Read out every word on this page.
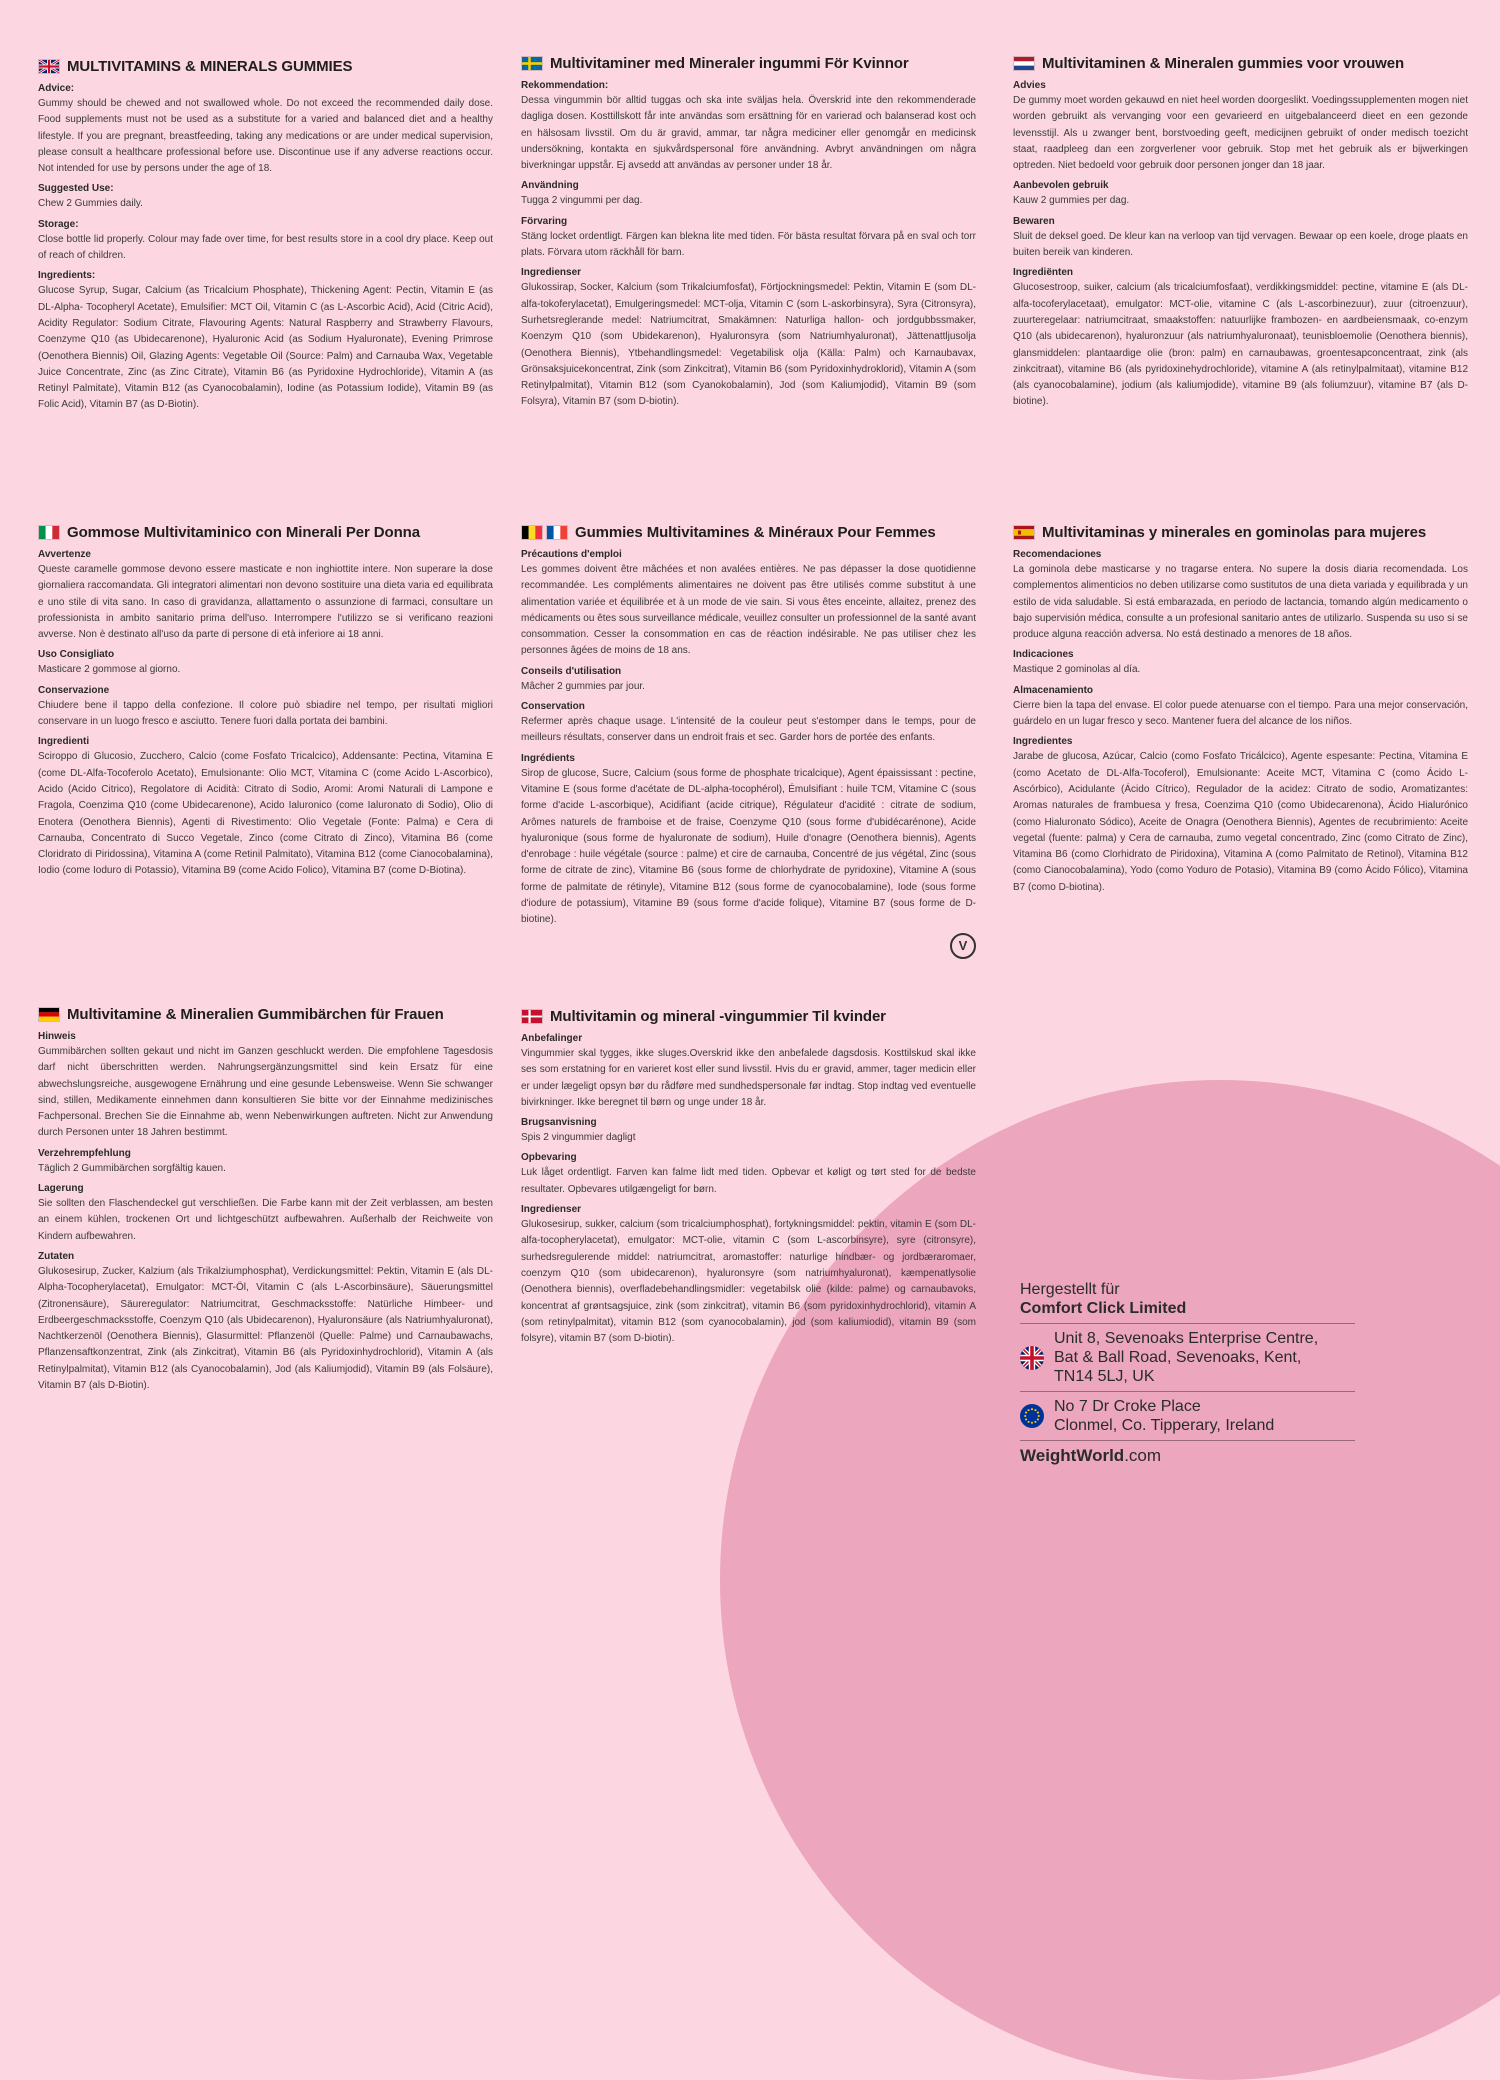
MULTIVITAMINS & MINERALS GUMMIES
Advice:

Gummy should be chewed and not swallowed whole. Do not exceed the recommended daily dose. Food supplements must not be used as a substitute for a varied and balanced diet and a healthy lifestyle. If you are pregnant, breastfeeding, taking any medications or are under medical supervision, please consult a healthcare professional before use. Discontinue use if any adverse reactions occur. Not intended for use by persons under the age of 18.

Suggested Use:

Chew 2 Gummies daily.

Storage:

Close bottle lid properly. Colour may fade over time, for best results store in a cool dry place. Keep out of reach of children.

Ingredients:

Glucose Syrup, Sugar, Calcium (as Tricalcium Phosphate), Thickening Agent: Pectin, Vitamin E (as DL-Alpha- Tocopheryl Acetate), Emulsifier: MCT Oil, Vitamin C (as L-Ascorbic Acid), Acid (Citric Acid), Acidity Regulator: Sodium Citrate, Flavouring Agents: Natural Raspberry and Strawberry Flavours, Coenzyme Q10 (as Ubidecarenone), Hyaluronic Acid (as Sodium Hyaluronate), Evening Primrose (Oenothera Biennis) Oil, Glazing Agents: Vegetable Oil (Source: Palm) and Carnauba Wax, Vegetable Juice Concentrate, Zinc (as Zinc Citrate), Vitamin B6 (as Pyridoxine Hydrochloride), Vitamin A (as Retinyl Palmitate), Vitamin B12 (as Cyanocobalamin), Iodine (as Potassium Iodide), Vitamin B9 (as Folic Acid), Vitamin B7 (as D-Biotin).

Multivitaminer med Mineraler ingummi För Kvinnor
Rekommendation:

Dessa vingummin bör alltid tuggas och ska inte sväljas hela. Överskrid inte den rekommenderade dagliga dosen. Kosttillskott får inte användas som ersättning för en varierad och balanserad kost och en hälsosam livsstil. Om du är gravid, ammar, tar några mediciner eller genomgår en medicinsk undersökning, kontakta en sjukvårdspersonal före användning. Avbryt användningen om några biverkningar uppstår. Ej avsedd att användas av personer under 18 år.

Användning

Tugga 2 vingummi per dag.

Förvaring

Stäng locket ordentligt. Färgen kan blekna lite med tiden. För bästa resultat förvara på en sval och torr plats. Förvara utom räckhåll för barn.

Ingredienser

Glukossirap, Socker, Kalcium (som Trikalciumfosfat), Förtjockningsmedel: Pektin, Vitamin E (som DL-alfa-tokoferylacetat), Emulgeringsmedel: MCT-olja, Vitamin C (som L-askorbinsyra), Syra (Citronsyra), Surhetsreglerande medel: Natriumcitrat, Smakämnen: Naturliga hallon- och jordgubbssmaker, Koenzym Q10 (som Ubidekarenon), Hyaluronsyra (som Natriumhyaluronat), Jättenattljusolja (Oenothera Biennis), Ytbehandlingsmedel: Vegetabilisk olja (Källa: Palm) och Karnaubavax, Grönsaksjuicekoncentrat, Zink (som Zinkcitrat), Vitamin B6 (som Pyridoxinhydroklorid), Vitamin A (som Retinylpalmitat), Vitamin B12 (som Cyanokobalamin), Jod (som Kaliumjodid), Vitamin B9 (som Folsyra), Vitamin B7 (som D-biotin).

Multivitaminen & Mineralen gummies voor vrouwen
Advies

De gummy moet worden gekauwd en niet heel worden doorgeslikt. Voedingssupplementen mogen niet worden gebruikt als vervanging voor een gevarieerd en uitgebalanceerd dieet en een gezonde levensstijl. Als u zwanger bent, borstvoeding geeft, medicijnen gebruikt of onder medisch toezicht staat, raadpleeg dan een zorgverlener voor gebruik. Stop met het gebruik als er bijwerkingen optreden. Niet bedoeld voor gebruik door personen jonger dan 18 jaar.

Aanbevolen gebruik

Kauw 2 gummies per dag.

Bewaren

Sluit de deksel goed. De kleur kan na verloop van tijd vervagen. Bewaar op een koele, droge plaats en buiten bereik van kinderen.

Ingrediënten

Glucosestroop, suiker, calcium (als tricalciumfosfaat), verdikkingsmiddel: pectine, vitamine E (als DL-alfa-tocoferylacetaat), emulgator: MCT-olie, vitamine C (als L-ascorbinezuur), zuur (citroenzuur), zuurteregelaar: natriumcitraat, smaakstoffen: natuurlijke frambozen- en aardbeiensmaak, co-enzym Q10 (als ubidecarenon), hyaluronzuur (als natriumhyaluronaat), teunisbloemolie (Oenothera biennis), glansmiddelen: plantaardige olie (bron: palm) en carnaubawas, groentesapconcentraat, zink (als zinkcitraat), vitamine B6 (als pyridoxinehydrochloride), vitamine A (als retinylpalmitaat), vitamine B12 (als cyanocobalamine), jodium (als kaliumjodide), vitamine B9 (als foliumzuur), vitamine B7 (als D-biotine).

Gommose Multivitaminico con Minerali Per Donna
Avvertenze

Queste caramelle gommose devono essere masticate e non inghiottite intere. Non superare la dose giornaliera raccomandata. Gli integratori alimentari non devono sostituire una dieta varia ed equilibrata e uno stile di vita sano. In caso di gravidanza, allattamento o assunzione di farmaci, consultare un professionista in ambito sanitario prima dell'uso. Interrompere l'utilizzo se si verificano reazioni avverse. Non è destinato all'uso da parte di persone di età inferiore ai 18 anni.

Uso Consigliato

Masticare 2 gommose al giorno.

Conservazione

Chiudere bene il tappo della confezione. Il colore può sbiadire nel tempo, per risultati migliori conservare in un luogo fresco e asciutto. Tenere fuori dalla portata dei bambini.

Ingredienti

Sciroppo di Glucosio, Zucchero, Calcio (come Fosfato Tricalcico), Addensante: Pectina, Vitamina E (come DL-Alfa-Tocoferolo Acetato), Emulsionante: Olio MCT, Vitamina C (come Acido L-Ascorbico), Acido (Acido Citrico), Regolatore di Acidità: Citrato di Sodio, Aromi: Aromi Naturali di Lampone e Fragola, Coenzima Q10 (come Ubidecarenone), Acido Ialuronico (come Ialuronato di Sodio), Olio di Enotera (Oenothera Biennis), Agenti di Rivestimento: Olio Vegetale (Fonte: Palma) e Cera di Carnauba, Concentrato di Succo Vegetale, Zinco (come Citrato di Zinco), Vitamina B6 (come Cloridrato di Piridossina), Vitamina A (come Retinil Palmitato), Vitamina B12 (come Cianocobalamina), Iodio (come Ioduro di Potassio), Vitamina B9 (come Acido Folico), Vitamina B7 (come D-Biotina).

Gummies Multivitamines & Minéraux Pour Femmes
Précautions d'emploi

Les gommes doivent être mâchées et non avalées entières. Ne pas dépasser la dose quotidienne recommandée. Les compléments alimentaires ne doivent pas être utilisés comme substitut à une alimentation variée et équilibrée et à un mode de vie sain. Si vous êtes enceinte, allaitez, prenez des médicaments ou êtes sous surveillance médicale, veuillez consulter un professionnel de la santé avant consommation. Cesser la consommation en cas de réaction indésirable. Ne pas utiliser chez les personnes âgées de moins de 18 ans.

Conseils d'utilisation

Mâcher 2 gummies par jour.

Conservation

Refermer après chaque usage. L'intensité de la couleur peut s'estomper dans le temps, pour de meilleurs résultats, conserver dans un endroit frais et sec. Garder hors de portée des enfants.

Ingrédients

Sirop de glucose, Sucre, Calcium (sous forme de phosphate tricalcique), Agent épaississant : pectine, Vitamine E (sous forme d'acétate de DL-alpha-tocophérol), Émulsifiant : huile TCM, Vitamine C (sous forme d'acide L-ascorbique), Acidifiant (acide citrique), Régulateur d'acidité : citrate de sodium, Arômes naturels de framboise et de fraise, Coenzyme Q10 (sous forme d'ubidécarénone), Acide hyaluronique (sous forme de hyaluronate de sodium), Huile d'onagre (Oenothera biennis), Agents d'enrobage : huile végétale (source : palme) et cire de carnauba, Concentré de jus végétal, Zinc (sous forme de citrate de zinc), Vitamine B6 (sous forme de chlorhydrate de pyridoxine), Vitamine A (sous forme de palmitate de rétinyle), Vitamine B12 (sous forme de cyanocobalamine), Iode (sous forme d'iodure de potassium), Vitamine B9 (sous forme d'acide folique), Vitamine B7 (sous forme de D-biotine).

V
Multivitaminas y minerales en gominolas para mujeres
Recomendaciones

La gominola debe masticarse y no tragarse entera. No supere la dosis diaria recomendada. Los complementos alimenticios no deben utilizarse como sustitutos de una dieta variada y equilibrada y un estilo de vida saludable. Si está embarazada, en periodo de lactancia, tomando algún medicamento o bajo supervisión médica, consulte a un profesional sanitario antes de utilizarlo. Suspenda su uso si se produce alguna reacción adversa. No está destinado a menores de 18 años.

Indicaciones

Mastique 2 gominolas al día.

Almacenamiento

Cierre bien la tapa del envase. El color puede atenuarse con el tiempo. Para una mejor conservación, guárdelo en un lugar fresco y seco. Mantener fuera del alcance de los niños.

Ingredientes

Jarabe de glucosa, Azúcar, Calcio (como Fosfato Tricálcico), Agente espesante: Pectina, Vitamina E (como Acetato de DL-Alfa-Tocoferol), Emulsionante: Aceite MCT, Vitamina C (como Ácido L-Ascórbico), Acidulante (Ácido Cítrico), Regulador de la acidez: Citrato de sodio, Aromatizantes: Aromas naturales de frambuesa y fresa, Coenzima Q10 (como Ubidecarenona), Ácido Hialurónico (como Hialuronato Sódico), Aceite de Onagra (Oenothera Biennis), Agentes de recubrimiento: Aceite vegetal (fuente: palma) y Cera de carnauba, zumo vegetal concentrado, Zinc (como Citrato de Zinc), Vitamina B6 (como Clorhidrato de Piridoxina), Vitamina A (como Palmitato de Retinol), Vitamina B12 (como Cianocobalamina), Yodo (como Yoduro de Potasio), Vitamina B9 (como Ácido Fólico), Vitamina B7 (como D-biotina).

Multivitamine & Mineralien Gummibärchen für Frauen
Hinweis

Gummibärchen sollten gekaut und nicht im Ganzen geschluckt werden. Die empfohlene Tagesdosis darf nicht überschritten werden. Nahrungsergänzungsmittel sind kein Ersatz für eine abwechslungsreiche, ausgewogene Ernährung und eine gesunde Lebensweise. Wenn Sie schwanger sind, stillen, Medikamente einnehmen dann konsultieren Sie bitte vor der Einnahme medizinisches Fachpersonal. Brechen Sie die Einnahme ab, wenn Nebenwirkungen auftreten. Nicht zur Anwendung durch Personen unter 18 Jahren bestimmt.

Verzehrempfehlung

Täglich 2 Gummibärchen sorgfältig kauen.

Lagerung

Sie sollten den Flaschendeckel gut verschließen. Die Farbe kann mit der Zeit verblassen, am besten an einem kühlen, trockenen Ort und lichtgeschützt aufbewahren. Außerhalb der Reichweite von Kindern aufbewahren.

Zutaten

Glukosesirup, Zucker, Kalzium (als Trikalziumphosphat), Verdickungsmittel: Pektin, Vitamin E (als DL-Alpha-Tocopherylacetat), Emulgator: MCT-Öl, Vitamin C (als L-Ascorbinsäure), Säuerungsmittel (Zitronensäure), Säureregulator: Natriumcitrat, Geschmacksstoffe: Natürliche Himbeer- und Erdbeergeschmacksstoffe, Coenzym Q10 (als Ubidecarenon), Hyaluronsäure (als Natriumhyaluronat), Nachtkerzenöl (Oenothera Biennis), Glasurmittel: Pflanzenöl (Quelle: Palme) und Carnaubawachs, Pflanzensaftkonzentrat, Zink (als Zinkcitrat), Vitamin B6 (als Pyridoxinhydrochlorid), Vitamin A (als Retinylpalmitat), Vitamin B12 (als Cyanocobalamin), Jod (als Kaliumjodid), Vitamin B9 (als Folsäure), Vitamin B7 (als D-Biotin).

Multivitamin og mineral -vingummier Til kvinder
Anbefalinger

Vingummier skal tygges, ikke sluges.Overskrid ikke den anbefalede dagsdosis. Kosttilskud skal ikke ses som erstatning for en varieret kost eller sund livsstil. Hvis du er gravid, ammer, tager medicin eller er under lægeligt opsyn bør du rådføre med sundhedspersonale før indtag. Stop indtag ved eventuelle bivirkninger. Ikke beregnet til børn og unge under 18 år.

Brugsanvisning

Spis 2 vingummier dagligt

Opbevaring

Luk låget ordentligt. Farven kan falme lidt med tiden. Opbevar et køligt og tørt sted for de bedste resultater. Opbevares utilgængeligt for børn.

Ingredienser

Glukosesirup, sukker, calcium (som tricalciumphosphat), fortykningsmiddel: pektin, vitamin E (som DL-alfa-tocopherylacetat), emulgator: MCT-olie, vitamin C (som L-ascorbinsyre), syre (citronsyre), surhedsregulerende middel: natriumcitrat, aromastoffer: naturlige hindbær- og jordbæraromaer, coenzym Q10 (som ubidecarenon), hyaluronsyre (som natriumhyaluronat), kæmpenatlysolie (Oenothera biennis), overfladebehandlingsmidler: vegetabilsk olie (kilde: palme) og carnaubavoks, koncentrat af grøntsagsjuice, zink (som zinkcitrat), vitamin B6 (som pyridoxinhydrochlorid), vitamin A (som retinylpalmitat), vitamin B12 (som cyanocobalamin), jod (som kaliumiodid), vitamin B9 (som folsyre), vitamin B7 (som D-biotin).

Hergestellt für
Comfort Click Limited
Unit 8, Sevenoaks Enterprise Centre,
Bat & Ball Road, Sevenoaks, Kent,
TN14 5LJ, UK
No 7 Dr Croke Place
Clonmel, Co. Tipperary, Ireland
WeightWorld.com
